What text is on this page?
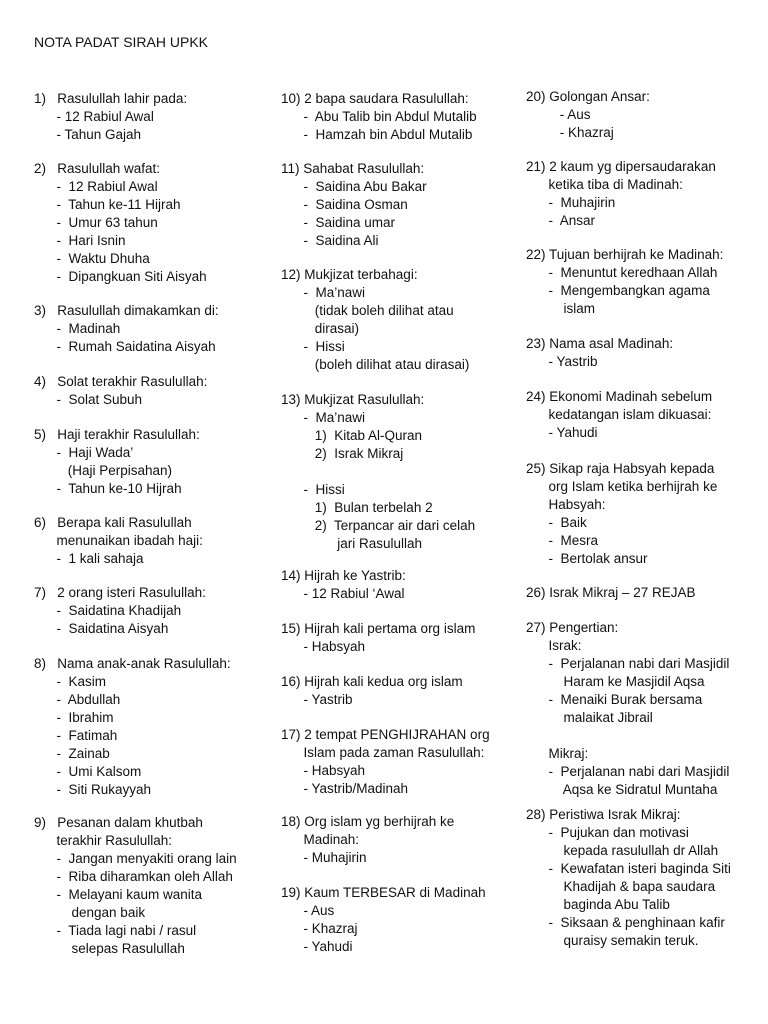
NOTA PADAT SIRAH UPKK
1)   Rasulullah lahir pada:
- 12 Rabiul Awal
- Tahun Gajah
2)   Rasulullah wafat:
-  12 Rabiul Awal
-  Tahun ke-11 Hijrah
-  Umur 63 tahun
-  Hari Isnin
-  Waktu Dhuha
-  Dipangkuan Siti Aisyah
3)   Rasulullah dimakamkan di:
-  Madinah
-  Rumah Saidatina Aisyah
4)   Solat terakhir Rasulullah:
-  Solat Subuh
5)   Haji terakhir Rasulullah:
-  Haji Wada’
(Haji Perpisahan)
-  Tahun ke-10 Hijrah
6)   Berapa kali Rasulullah
menunaikan ibadah haji:
-  1 kali sahaja
7)   2 orang isteri Rasulullah:
-  Saidatina Khadijah
-  Saidatina Aisyah
8)   Nama anak-anak Rasulullah:
-  Kasim
-  Abdullah
-  Ibrahim
-  Fatimah
-  Zainab
-  Umi Kalsom
-  Siti Rukayyah
9)   Pesanan dalam khutbah
terakhir Rasulullah:
-  Jangan menyakiti orang lain
-  Riba diharamkan oleh Allah
-  Melayani kaum wanita
dengan baik
-  Tiada lagi nabi / rasul
selepas Rasulullah
10) 2 bapa saudara Rasulullah:
-  Abu Talib bin Abdul Mutalib
-  Hamzah bin Abdul Mutalib
11) Sahabat Rasulullah:
-  Saidina Abu Bakar
-  Saidina Osman
-  Saidina umar
-  Saidina Ali
12) Mukjizat terbahagi:
-  Ma’nawi
(tidak boleh dilihat atau
dirasai)
-  Hissi
(boleh dilihat atau dirasai)
13) Mukjizat Rasulullah:
-  Ma’nawi
1)  Kitab Al-Quran
2)  Israk Mikraj
-  Hissi
1)  Bulan terbelah 2
2)  Terpancar air dari celah
jari Rasulullah
14) Hijrah ke Yastrib:
- 12 Rabiul ‘Awal
15) Hijrah kali pertama org islam
- Habsyah
16) Hijrah kali kedua org islam
- Yastrib
17) 2 tempat PENGHIJRAHAN org
Islam pada zaman Rasulullah:
- Habsyah
- Yastrib/Madinah
18) Org islam yg berhijrah ke
Madinah:
- Muhajirin
19) Kaum TERBESAR di Madinah
- Aus
- Khazraj
- Yahudi
20) Golongan Ansar:
- Aus
- Khazraj
21) 2 kaum yg dipersaudarakan
ketika tiba di Madinah:
-  Muhajirin
-  Ansar
22) Tujuan berhijrah ke Madinah:
-  Menuntut keredhaan Allah
-  Mengembangkan agama
islam
23) Nama asal Madinah:
- Yastrib
24) Ekonomi Madinah sebelum
kedatangan islam dikuasai:
- Yahudi
25) Sikap raja Habsyah kepada
org Islam ketika berhijrah ke
Habsyah:
-  Baik
-  Mesra
-  Bertolak ansur
26) Israk Mikraj – 27 REJAB
27) Pengertian:
Israk:
-  Perjalanan nabi dari Masjidil
Haram ke Masjidil Aqsa
-  Menaiki Burak bersama
malaikat Jibrail
Mikraj:
-  Perjalanan nabi dari Masjidil
Aqsa ke Sidratul Muntaha
28) Peristiwa Israk Mikraj:
-  Pujukan dan motivasi
kepada rasulullah dr Allah
-  Kewafatan isteri baginda Siti
Khadijah & bapa saudara
baginda Abu Talib
-  Siksaan & penghinaan kafir
quraisy semakin teruk.
